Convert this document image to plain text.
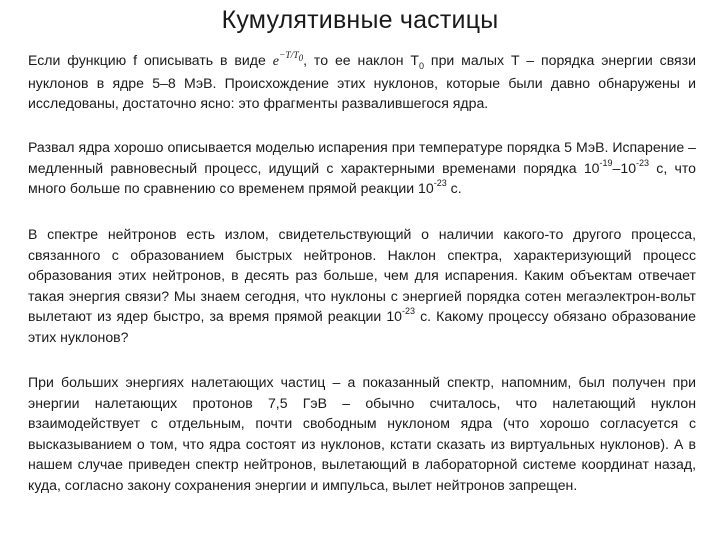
Кумулятивные частицы
Если функцию f описывать в виде $e^{-T/T_0}$, то ее наклон $T_0$ при малых T – порядка энергии связи нуклонов в ядре 5–8 МэВ. Происхождение этих нуклонов, которые были давно обнаружены и исследованы, достаточно ясно: это фрагменты развалившегося ядра.
Развал ядра хорошо описывается моделью испарения при температуре порядка 5 МэВ. Испарение – медленный равновесный процесс, идущий с характерными временами порядка $10^{-19}-10^{-23}$ с, что много больше по сравнению со временем прямой реакции $10^{-23}$ с.
В спектре нейтронов есть излом, свидетельствующий о наличии какого-то другого процесса, связанного с образованием быстрых нейтронов. Наклон спектра, характеризующий процесс образования этих нейтронов, в десять раз больше, чем для испарения. Каким объектам отвечает такая энергия связи? Мы знаем сегодня, что нуклоны с энергией порядка сотен мегаэлектрон-вольт вылетают из ядер быстро, за время прямой реакции $10^{-23}$ с. Какому процессу обязано образование этих нуклонов?
При больших энергиях налетающих частиц – а показанный спектр, напомним, был получен при энергии налетающих протонов 7,5 ГэВ – обычно считалось, что налетающий нуклон взаимодействует с отдельным, почти свободным нуклоном ядра (что хорошо согласуется с высказыванием о том, что ядра состоят из нуклонов, кстати сказать из виртуальных нуклонов). А в нашем случае приведен спектр нейтронов, вылетающий в лабораторной системе координат назад, куда, согласно закону сохранения энергии и импульса, вылет нейтронов запрещен.
